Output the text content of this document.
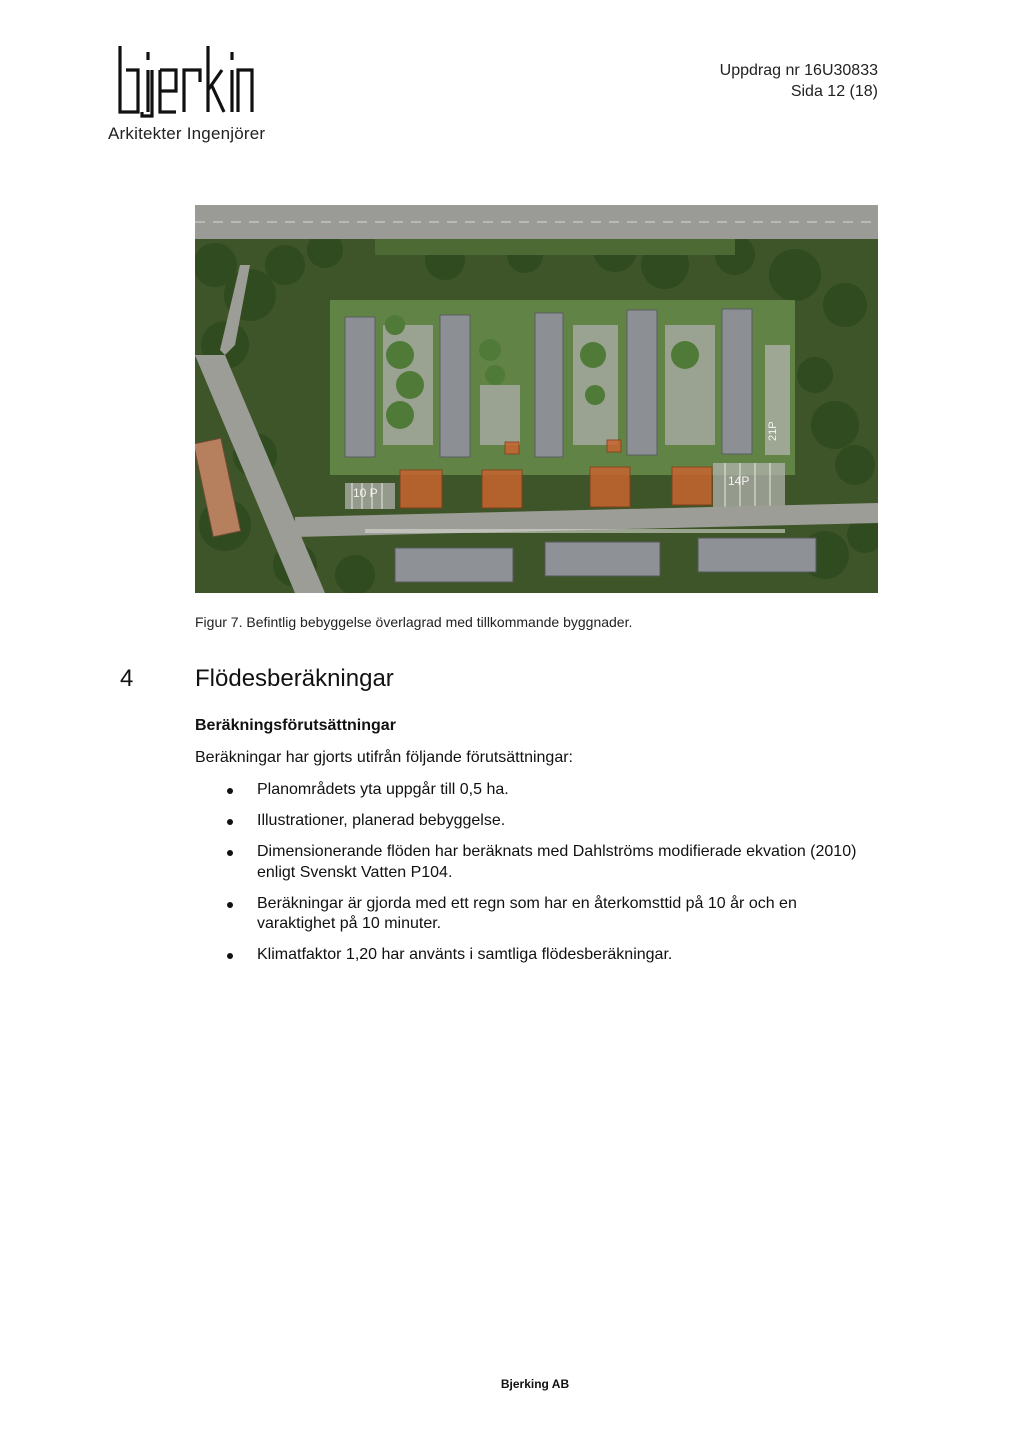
Arkitekter Ingenjörer
Uppdrag nr 16U30833
Sida 12 (18)
10 P
14P
21P
Figur 7. Befintlig bebyggelse överlagrad med tillkommande byggnader.
4	Flödesberäkningar
Beräkningsförutsättningar
Beräkningar har gjorts utifrån följande förutsättningar:
Planområdets yta uppgår till 0,5 ha.
Illustrationer, planerad bebyggelse.
Dimensionerande flöden har beräknats med Dahlströms modifierade ekvation (2010) enligt Svenskt Vatten P104.
Beräkningar är gjorda med ett regn som har en återkomsttid på 10 år och en varaktighet på 10 minuter.
Klimatfaktor 1,20 har använts i samtliga flödesberäkningar.
Bjerking AB
